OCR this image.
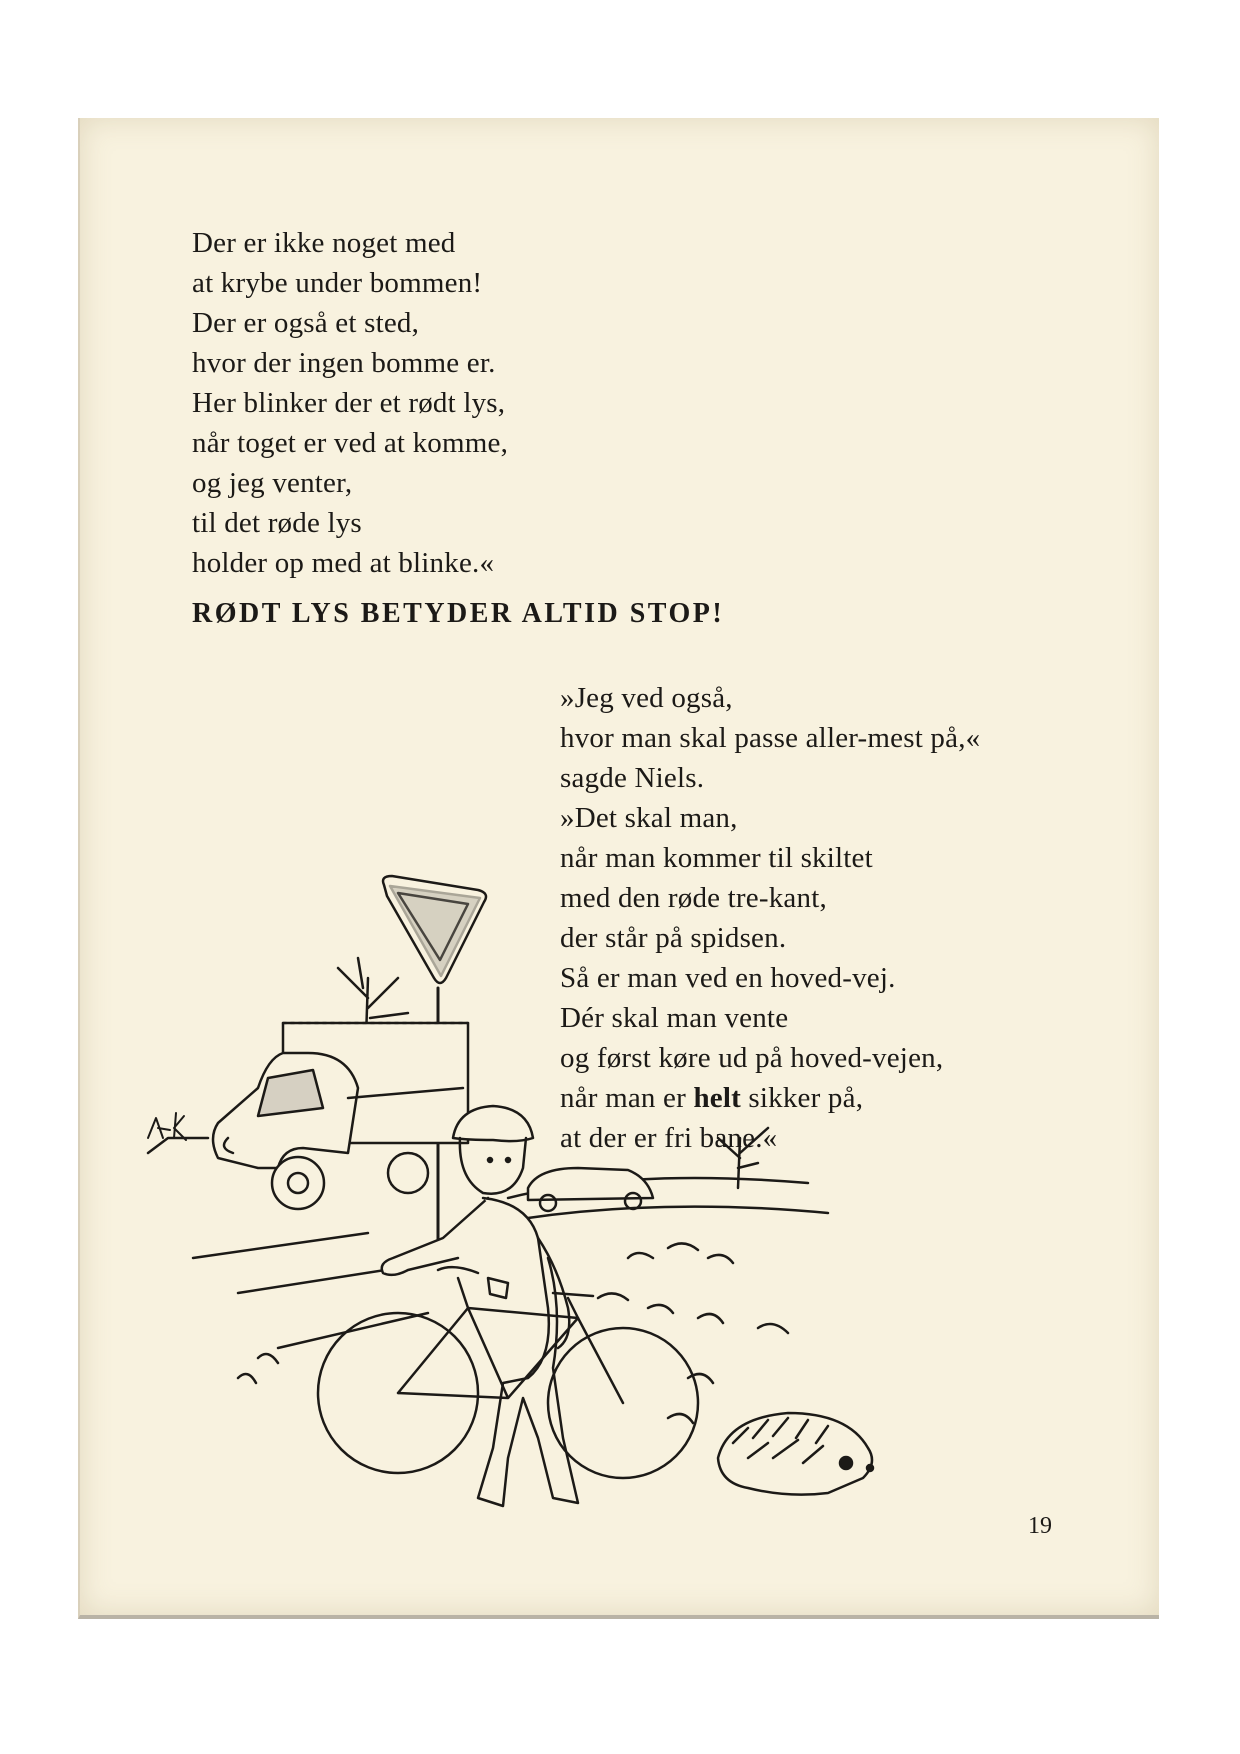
Der er ikke noget med
at krybe under bommen!
Der er også et sted,
hvor der ingen bomme er.
Her blinker der et rødt lys,
når toget er ved at komme,
og jeg venter,
til det røde lys
holder op med at blinke.«
RØDT LYS BETYDER ALTID STOP!
»Jeg ved også,
hvor man skal passe aller-mest på,«
sagde Niels.
»Det skal man,
når man kommer til skiltet
med den røde tre-kant,
der står på spidsen.
Så er man ved en hoved-vej.
Dér skal man vente
og først køre ud på hoved-vejen,
når man er helt sikker på,
at der er fri bane.«
19
